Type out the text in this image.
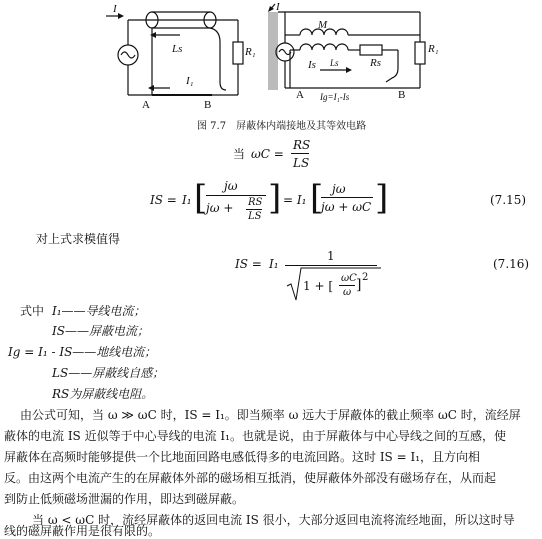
I
Ls	R₁
A	B
I₁
I
M
Ls	Rs
R₁
Is
A	B
Ig=I₁-Is
图 7.7　屏蔽体内端接地及其等效电路
当 ωC =
RS
LS
IS = I₁ [ jω
jω + RS
LS ] = I₁ [ jω
jω + ωC ]	(7.15)
对上式求模值得
IS = I₁
1
1 + [
ωC
ω ] 2
(7.16)
式中 I₁——导线电流；
IS——屏蔽电流；
Ig = I₁ - IS——地线电流；
LS——屏蔽线自感；
RS为屏蔽线电阻。
由公式可知，当 ω ≫ ωC 时，IS = I₁。即当频率 ω 远大于屏蔽体的截止频率 ωC 时，流经屏
蔽体的电流 IS 近似等于中心导线的电流 I₁。也就是说，由于屏蔽体与中心导线之间的互感，使
屏蔽体在高频时能够提供一个比地面回路电感低得多的电流回路。这时 IS = I₁，且方向相
反。由这两个电流产生的在屏蔽体外部的磁场相互抵消，使屏蔽体外部没有磁场存在，从而起
到防止低频磁场泄漏的作用，即达到磁屏蔽。
　当 ω < ωC 时，流经屏蔽体的返回电流 IS 很小，大部分返回电流将流经地面，所以这时导
线的磁屏蔽作用是很有限的。
